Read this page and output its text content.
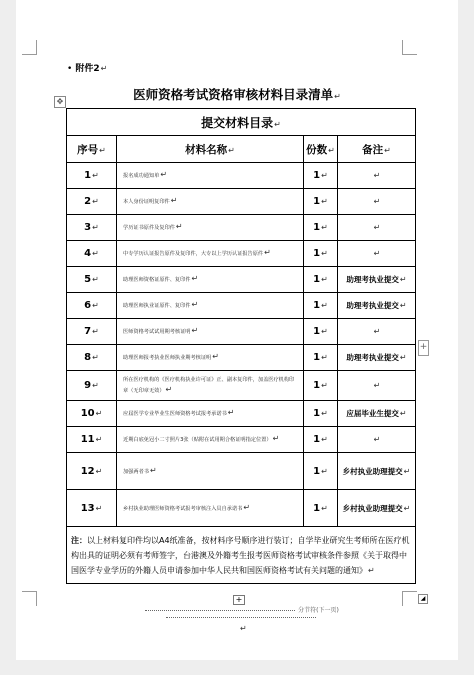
• 附件2↵
医师资格考试资格审核材料目录清单↵
✥
提交材料目录↵			
序号↵	材料名称↵	份数↵	备注↵
1↵	报名成功通知单↵	1↵	↵
2↵	本人身份证明复印件↵	1↵	↵
3↵	学历证书原件及复印件↵	1↵	↵
4↵	中专学历认证报告原件及复印件，大专以上学历认证报告原件↵	1↵	↵
5↵	助理医师资格证原件、复印件↵	1↵	助理考执业提交↵
6↵	助理医师执业证原件、复印件↵	1↵	助理考执业提交↵
7↵	医师资格考试试用期考核证明↵	1↵	↵
8↵	助理医师报考执业医师执业期考核证明↵	1↵	助理考执业提交↵
9↵	所在医疗机构的《医疗机构执业许可证》正、副本复印件，加盖医疗机构印章（无印章无效）↵	1↵	↵
10↵	应届医学专业毕业生医师资格考试报考承诺书↵	1↵	应届毕业生提交↵
11↵	近期白底免冠小二寸照片3张（贴附在试用期合格证明指定位置）↵	1↵	↵
12↵	加强两者书↵	1↵	乡村执业助理提交↵
13↵	乡村执业助理医师资格考试报考审核注入员自承诺书↵	1↵	乡村执业助理提交↵
注：以上材料复印件均以A4纸准备，按材料序号顺序进行装订；自学毕业研究生考师所在医疗机构出具的证明必须有考师签字，台港澳及外籍考生报考医师资格考试审核条件参照《关于取得中国医学专业学历的外籍人员申请参加中华人民共和国医师资格考试有关问题的通知》↵			
+
+	◢
分节符(下一页)
↵
